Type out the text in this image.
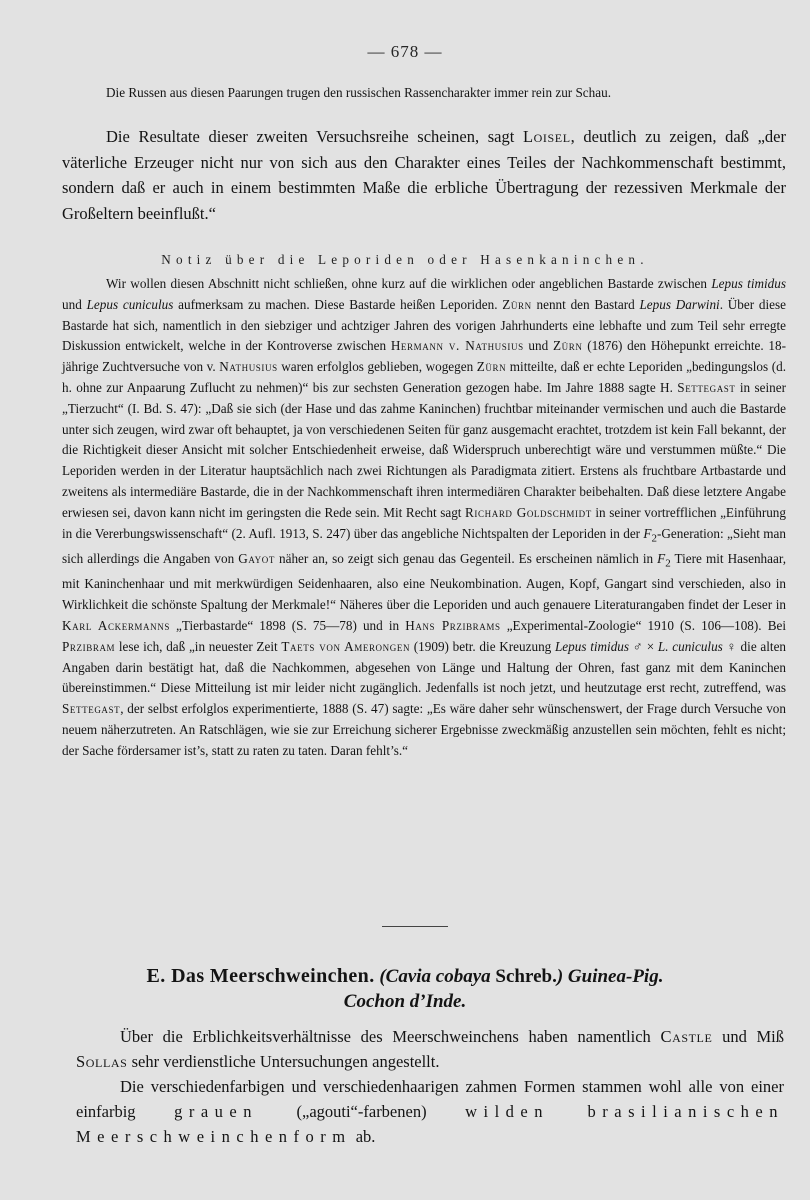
— 678 —
Die Russen aus diesen Paarungen trugen den russischen Rassencharakter immer rein zur Schau.
Die Resultate dieser zweiten Versuchsreihe scheinen, sagt Loisel, deutlich zu zeigen, daß „der väterliche Erzeuger nicht nur von sich aus den Charakter eines Teiles der Nachkommenschaft bestimmt, sondern daß er auch in einem bestimmten Maße die erbliche Übertragung der rezessiven Merkmale der Großeltern beeinflußt.“
Notiz über die Leporiden oder Hasenkaninchen.
Wir wollen diesen Abschnitt nicht schließen, ohne kurz auf die wirklichen oder angeblichen Bastarde zwischen Lepus timidus und Lepus cuniculus aufmerksam zu machen. Diese Bastarde heißen Leporiden. Zürn nennt den Bastard Lepus Darwini. Über diese Bastarde hat sich, namentlich in den siebziger und achtziger Jahren des vorigen Jahrhunderts eine lebhafte und zum Teil sehr erregte Diskussion entwickelt, welche in der Kontroverse zwischen Hermann v. Nathusius und Zürn (1876) den Höhepunkt erreichte. 18-jährige Zuchtversuche von v. Nathusius waren erfolglos geblieben, wogegen Zürn mitteilte, daß er echte Leporiden „bedingungslos (d. h. ohne zur Anpaarung Zuflucht zu nehmen)“ bis zur sechsten Generation gezogen habe. Im Jahre 1888 sagte H. Settegast in seiner „Tierzucht“ (I. Bd. S. 47): „Daß sie sich (der Hase und das zahme Kaninchen) fruchtbar miteinander vermischen und auch die Bastarde unter sich zeugen, wird zwar oft behauptet, ja von verschiedenen Seiten für ganz ausgemacht erachtet, trotzdem ist kein Fall bekannt, der die Richtigkeit dieser Ansicht mit solcher Entschiedenheit erweise, daß Widerspruch unberechtigt wäre und verstummen müßte.“ Die Leporiden werden in der Literatur hauptsächlich nach zwei Richtungen als Paradigmata zitiert. Erstens als fruchtbare Artbastarde und zweitens als intermediäre Bastarde, die in der Nachkommenschaft ihren intermediären Charakter beibehalten. Daß diese letztere Angabe erwiesen sei, davon kann nicht im geringsten die Rede sein. Mit Recht sagt Richard Goldschmidt in seiner vortrefflichen „Einführung in die Vererbungswissenschaft“ (2. Aufl. 1913, S. 247) über das angebliche Nichtspalten der Leporiden in der $F_2$-Generation: „Sieht man sich allerdings die Angaben von Gayot näher an, so zeigt sich genau das Gegenteil. Es erscheinen nämlich in $F_2$ Tiere mit Hasenhaar, mit Kaninchenhaar und mit merkwürdigen Seidenhaaren, also eine Neukombination. Augen, Kopf, Gangart sind verschieden, also in Wirklichkeit die schönste Spaltung der Merkmale!“ Näheres über die Leporiden und auch genauere Literaturangaben findet der Leser in Karl Ackermanns „Tierbastarde“ 1898 (S. 75—78) und in Hans Przibrams „Experimental-Zoologie“ 1910 (S. 106—108). Bei Przibram lese ich, daß „in neuester Zeit Taets von Amerongen (1909) betr. die Kreuzung Lepus timidus ♂ × L. cuniculus ♀ die alten Angaben darin bestätigt hat, daß die Nachkommen, abgesehen von Länge und Haltung der Ohren, fast ganz mit dem Kaninchen übereinstimmen.“ Diese Mitteilung ist mir leider nicht zugänglich. Jedenfalls ist noch jetzt, und heutzutage erst recht, zutreffend, was Settegast, der selbst erfolglos experimentierte, 1888 (S. 47) sagte: „Es wäre daher sehr wünschenswert, der Frage durch Versuche von neuem näherzutreten. An Ratschlägen, wie sie zur Erreichung sicherer Ergebnisse zweckmäßig anzustellen sein möchten, fehlt es nicht; der Sache fördersamer ist’s, statt zu raten zu taten. Daran fehlt’s.“
E. Das Meerschweinchen. (Cavia cobaya Schreb.) Guinea-Pig.
Cochon d’Inde.
Über die Erblichkeitsverhältnisse des Meerschweinchens haben namentlich Castle und Miß Sollas sehr verdienstliche Untersuchungen angestellt.
Die verschiedenfarbigen und verschiedenhaarigen zahmen Formen stammen wohl alle von einer einfarbig grauen („agouti“-farbenen) wilden brasilianischen Meerschweinchenform ab.
